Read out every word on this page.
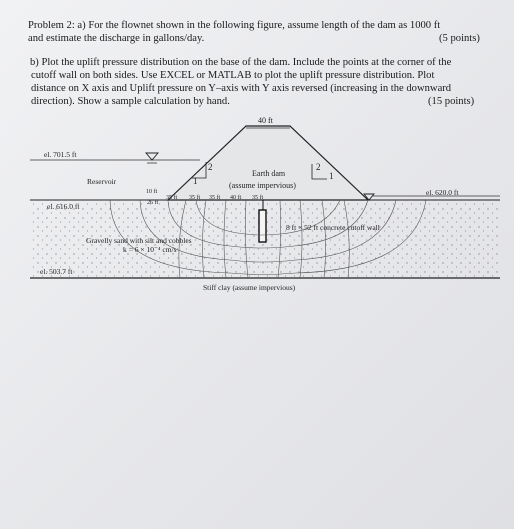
Problem 2: a) For the flownet shown in the following figure, assume length of the dam as 1000 ft
and estimate the discharge in gallons/day.	(5 points)
b) Plot the uplift pressure distribution on the base of the dam. Include the points at the corner of the
cutoff wall on both sides. Use EXCEL or MATLAB to plot the uplift pressure distribution. Plot
distance on X axis and Uplift pressure on Y–axis with Y axis reversed (increasing in the downward
direction). Show a sample calculation by hand.	(15 points)
40 ft
2
1
2
1
Earth dam
(assume impervious)
10 ft
26 ft
35 ft 35 ft 35 ft 40 ft 35 ft
el. 701.5 ft
Reservoir
el. 620.0 ft
el. 616.0 ft
el. 503.7 ft
8 ft × 52 ft concrete cutoff wall
Gravelly sand with silt and cobbles
k = 6 × 10⁻⁴ cm/s
Stiff clay (assume impervious)
